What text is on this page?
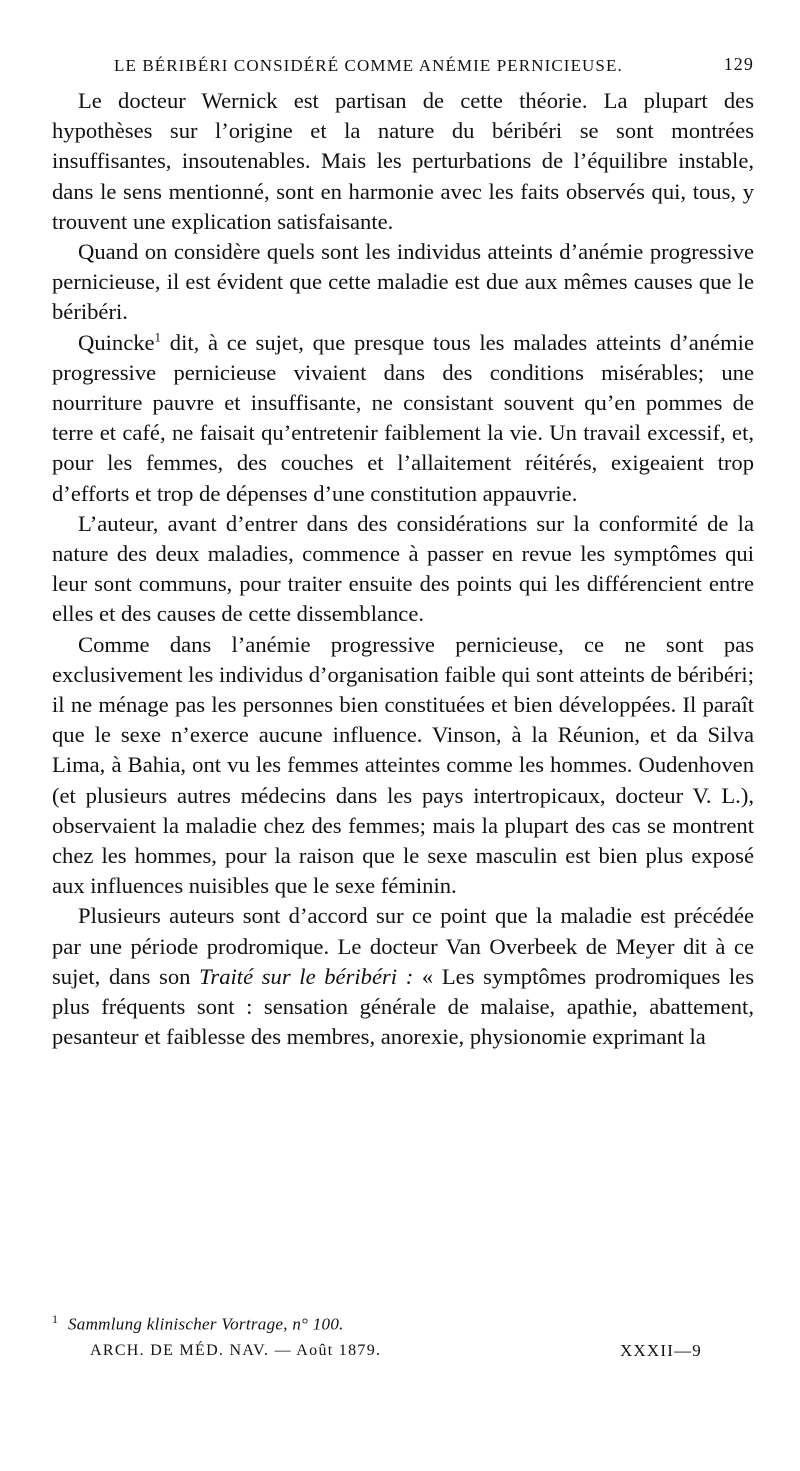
LE BÉRIBÉRI CONSIDÉRÉ COMME ANÉMIE PERNICIEUSE.	129

Le docteur Wernick est partisan de cette théorie. La plupart des hypothèses sur l’origine et la nature du béribéri se sont montrées insuffisantes, insoutenables. Mais les perturbations de l’équilibre instable, dans le sens mentionné, sont en harmonie avec les faits observés qui, tous, y trouvent une explication satisfaisante.

Quand on considère quels sont les individus atteints d’anémie progressive pernicieuse, il est évident que cette maladie est due aux mêmes causes que le béribéri.

Quincke$^1$ dit, à ce sujet, que presque tous les malades atteints d’anémie progressive pernicieuse vivaient dans des conditions misérables; une nourriture pauvre et insuffisante, ne consistant souvent qu’en pommes de terre et café, ne faisait qu’entretenir faiblement la vie. Un travail excessif, et, pour les femmes, des couches et l’allaitement réitérés, exigeaient trop d’efforts et trop de dépenses d’une constitution appauvrie.

L’auteur, avant d’entrer dans des considérations sur la conformité de la nature des deux maladies, commence à passer en revue les symptômes qui leur sont communs, pour traiter ensuite des points qui les différencient entre elles et des causes de cette dissemblance.

Comme dans l’anémie progressive pernicieuse, ce ne sont pas exclusivement les individus d’organisation faible qui sont atteints de béribéri; il ne ménage pas les personnes bien constituées et bien développées. Il paraît que le sexe n’exerce aucune influence. Vinson, à la Réunion, et da Silva Lima, à Bahia, ont vu les femmes atteintes comme les hommes. Oudenhoven (et plusieurs autres médecins dans les pays intertropicaux, docteur V. L.), observaient la maladie chez des femmes; mais la plupart des cas se montrent chez les hommes, pour la raison que le sexe masculin est bien plus exposé aux influences nuisibles que le sexe féminin.

Plusieurs auteurs sont d’accord sur ce point que la maladie est précédée par une période prodromique. Le docteur Van Overbeek de Meyer dit à ce sujet, dans son Traité sur le béribéri : « Les symptômes prodromiques les plus fréquents sont : sensation générale de malaise, apathie, abattement, pesanteur et faiblesse des membres, anorexie, physionomie exprimant la

$^1$ Sammlung klinischer Vortrage, n° 100.
ARCH. DE MÉD. NAV. — Août 1879.	XXXII—9
